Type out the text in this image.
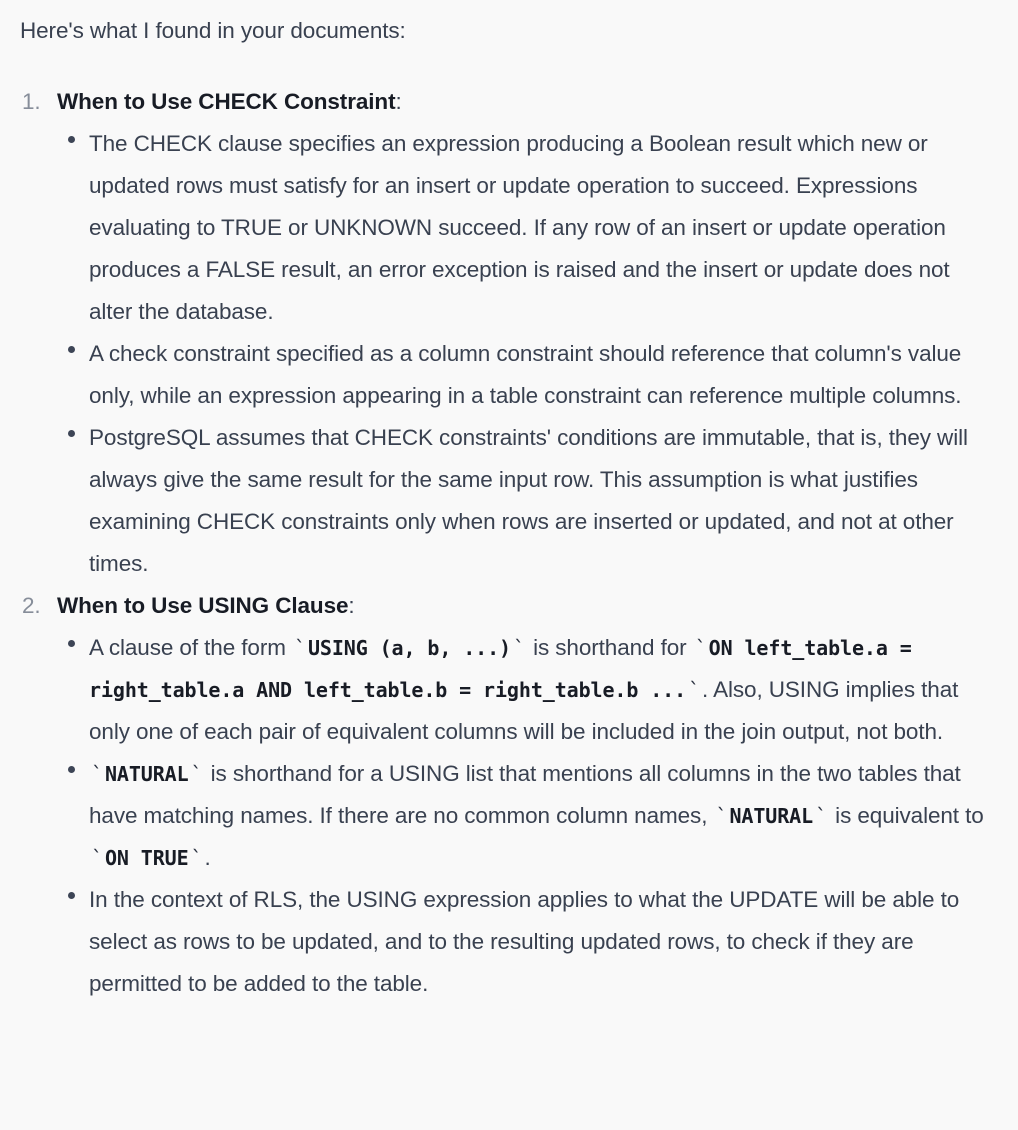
Here's what I found in your documents:

1. When to Use CHECK Constraint:
The CHECK clause specifies an expression producing a Boolean result which new or updated rows must satisfy for an insert or update operation to succeed. Expressions evaluating to TRUE or UNKNOWN succeed. If any row of an insert or update operation produces a FALSE result, an error exception is raised and the insert or update does not alter the database.
A check constraint specified as a column constraint should reference that column's value only, while an expression appearing in a table constraint can reference multiple columns.
PostgreSQL assumes that CHECK constraints' conditions are immutable, that is, they will always give the same result for the same input row. This assumption is what justifies examining CHECK constraints only when rows are inserted or updated, and not at other times.
2. When to Use USING Clause:
A clause of the form ` USING (a, b, ...) ` is shorthand for ` ON left_table.a = right_table.a AND left_table.b = right_table.b ... `. Also, USING implies that only one of each pair of equivalent columns will be included in the join output, not both.
` NATURAL ` is shorthand for a USING list that mentions all columns in the two tables that have matching names. If there are no common column names, ` NATURAL ` is equivalent to ` ON TRUE `.
In the context of RLS, the USING expression applies to what the UPDATE will be able to select as rows to be updated, and to the resulting updated rows, to check if they are permitted to be added to the table.
